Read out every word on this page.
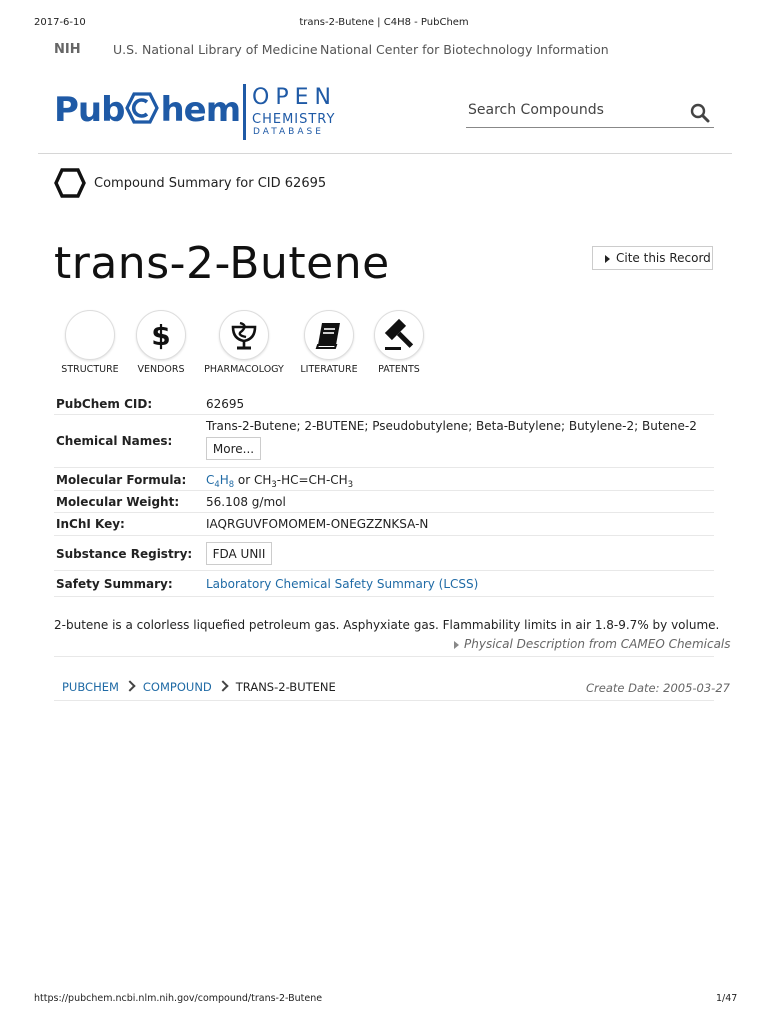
2017-6-10	trans-2-Butene | C4H8 - PubChem
NIH	U.S. National Library of Medicine National Center for Biotechnology Information
Pub hem OPEN
CHEMISTRY
DATABASE
Search Compounds
Compound Summary for CID 62695
trans-2-Butene	Cite this Record
STRUCTURE
$
VENDORS	PHARMACOLOGY	LITERATURE	PATENTS
PubChem CID:	62695
Chemical Names:
Trans-2-Butene; 2-BUTENE; Pseudobutylene; Beta-Butylene; Butylene-2; Butene-2
More...
Molecular Formula: $C_4H_8$ or $CH_3-HC=CH-CH_3$
Molecular Weight: 56.108 g/mol
InChI Key:	IAQRGUVFOMOMEM-ONEGZZNKSA-N
Substance Registry:	FDA UNII
Safety Summary:	Laboratory Chemical Safety Summary (LCSS)
2-butene is a colorless liquefied petroleum gas. Asphyxiate gas. Flammability limits in air 1.8-9.7% by volume.
Physical Description from CAMEO Chemicals
PUBCHEM COMPOUND TRANS-2-BUTENE	Create Date: 2005-03-27
https://pubchem.ncbi.nlm.nih.gov/compound/trans-2-Butene	1/47
